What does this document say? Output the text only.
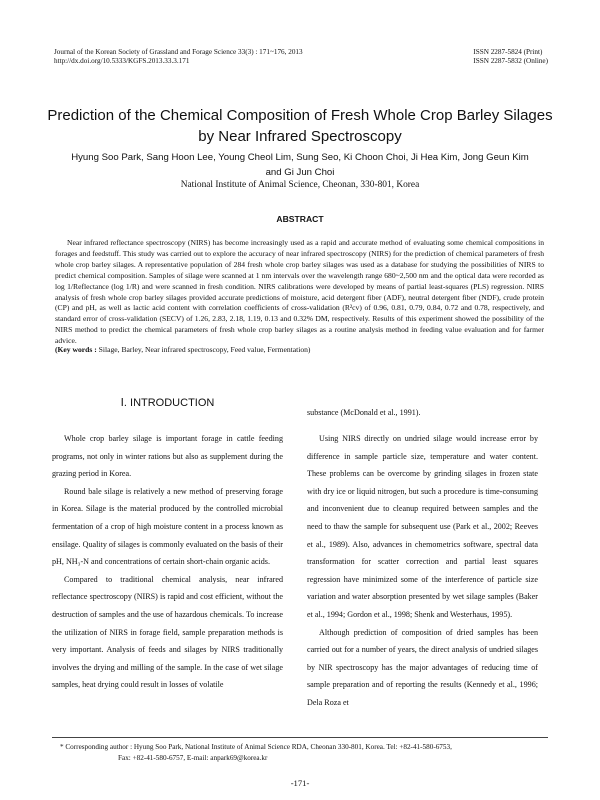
Journal of the Korean Society of Grassland and Forage Science 33(3) : 171~176, 2013
http://dx.doi.org/10.5333/KGFS.2013.33.3.171
ISSN 2287-5824 (Print)
ISSN 2287-5832 (Online)
Prediction of the Chemical Composition of Fresh Whole Crop Barley Silages
by Near Infrared Spectroscopy
Hyung Soo Park, Sang Hoon Lee, Young Cheol Lim, Sung Seo, Ki Choon Choi, Ji Hea Kim, Jong Geun Kim
and Gi Jun Choi
National Institute of Animal Science, Cheonan, 330-801, Korea
ABSTRACT

Near infrared reflectance spectroscopy (NIRS) has become increasingly used as a rapid and accurate method of evaluating some chemical compositions in forages and feedstuff. This study was carried out to explore the accuracy of near infrared spectroscopy (NIRS) for the prediction of chemical parameters of fresh whole crop barley silages. A representative population of 284 fresh whole crop barley silages was used as a database for studying the possibilities of NIRS to predict chemical composition. Samples of silage were scanned at 1 nm intervals over the wavelength range 680~2,500 nm and the optical data were recorded as log 1/Reflectance (log 1/R) and were scanned in fresh condition. NIRS calibrations were developed by means of partial least-squares (PLS) regression. NIRS analysis of fresh whole crop barley silages provided accurate predictions of moisture, acid detergent fiber (ADF), neutral detergent fiber (NDF), crude protein (CP) and pH, as well as lactic acid content with correlation coefficients of cross-validation (R²cv) of 0.96, 0.81, 0.79, 0.84, 0.72 and 0.78, respectively, and standard error of cross-validation (SECV) of 1.26, 2.83, 2.18, 1.19, 0.13 and 0.32% DM, respectively. Results of this experiment showed the possibility of the NIRS method to predict the chemical parameters of fresh whole crop barley silages as a routine analysis method in feeding value evaluation and for farmer advice.

(Key words : Silage, Barley, Near infrared spectroscopy, Feed value, Fermentation)
Ⅰ. INTRODUCTION

Whole crop barley silage is important forage in cattle feeding programs, not only in winter rations but also as supplement during the grazing period in Korea.

Round bale silage is relatively a new method of preserving forage in Korea. Silage is the material produced by the controlled microbial fermentation of a crop of high moisture content in a process known as ensilage. Quality of silages is commonly evaluated on the basis of their pH, NH₃-N and concentrations of certain short-chain organic acids.

Compared to traditional chemical analysis, near infrared reflectance spectroscopy (NIRS) is rapid and cost efficient, without the destruction of samples and the use of hazardous chemicals. To increase the utilization of NIRS in forage field, sample preparation methods is very important. Analysis of feeds and silages by NIRS traditionally involves the drying and milling of the sample. In the case of wet silage samples, heat drying could result in losses of volatile

substance (McDonald et al., 1991).

Using NIRS directly on undried silage would increase error by difference in sample particle size, temperature and water content. These problems can be overcome by grinding silages in frozen state with dry ice or liquid nitrogen, but such a procedure is time-consuming and inconvenient due to cleanup required between samples and the need to thaw the sample for subsequent use (Park et al., 2002; Reeves et al., 1989). Also, advances in chemometrics software, spectral data transformation for scatter correction and partial least squares regression have minimized some of the interference of particle size variation and water absorption presented by wet silage samples (Baker et al., 1994; Gordon et al., 1998; Shenk and Westerhaus, 1995).

Although prediction of composition of dried samples has been carried out for a number of years, the direct analysis of undried silages by NIR spectroscopy has the major advantages of reducing time of sample preparation and of reporting the results (Kennedy et al., 1996; Dela Roza et

* Corresponding author : Hyung Soo Park, National Institute of Animal Science RDA, Cheonan 330-801, Korea. Tel: +82-41-580-6753,
Fax: +82-41-580-6757, E-mail: anpark69@korea.kr
-171-
